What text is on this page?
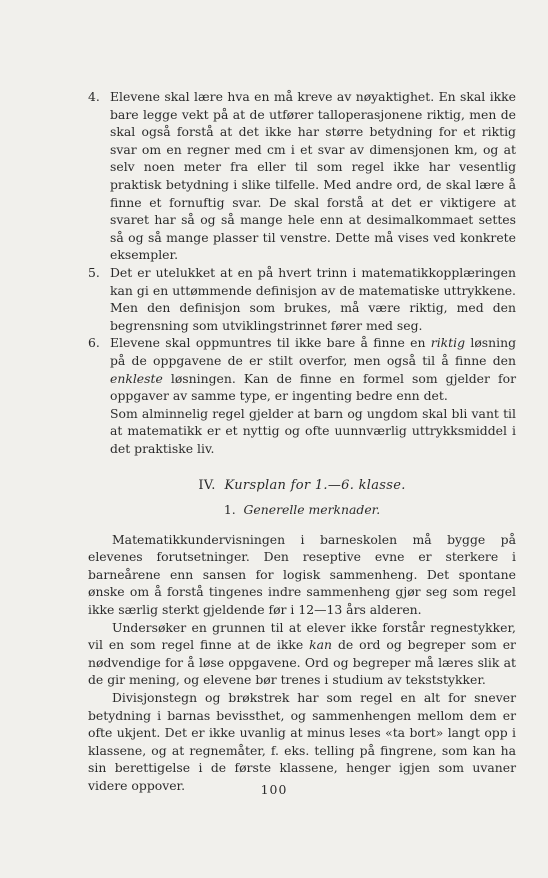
4. Elevene skal lære hva en må kreve av nøyaktighet. En skal ikke bare legge vekt på at de utfører talloperasjonene riktig, men de skal også forstå at det ikke har større betydning for et riktig svar om en regner med cm i et svar av dimensjonen km, og at selv noen meter fra eller til som regel ikke har vesentlig praktisk betydning i slike tilfelle. Med andre ord, de skal lære å finne et fornuftig svar. De skal forstå at det er viktigere at svaret har så og så mange hele enn at desimalkommaet settes så og så mange plasser til venstre. Dette må vises ved konkrete eksempler.

5. Det er utelukket at en på hvert trinn i matematikkopplæringen kan gi en uttømmende definisjon av de matematiske uttrykkene. Men den definisjon som brukes, må være riktig, med den begrensning som utviklingstrinnet fører med seg.

6. Elevene skal oppmuntres til ikke bare å finne en riktig løsning på de oppgavene de er stilt overfor, men også til å finne den enkleste løsningen. Kan de finne en formel som gjelder for oppgaver av samme type, er ingenting bedre enn det.

Som alminnelig regel gjelder at barn og ungdom skal bli vant til at matematikk er et nyttig og ofte uunnværlig uttrykksmiddel i det praktiske liv.

IV. Kursplan for 1.—6. klasse.
1. Generelle merknader.

Matematikkundervisningen i barneskolen må bygge på elevenes forutsetninger. Den reseptive evne er sterkere i barneårene enn sansen for logisk sammenheng. Det spontane ønske om å forstå tingenes indre sammenheng gjør seg som regel ikke særlig sterkt gjeldende før i 12—13 års alderen.

Undersøker en grunnen til at elever ikke forstår regnestykker, vil en som regel finne at de ikke kan de ord og begreper som er nødvendige for å løse oppgavene. Ord og begreper må læres slik at de gir mening, og elevene bør trenes i studium av tekststykker.

Divisjonstegn og brøkstrek har som regel en alt for snever betydning i barnas bevissthet, og sammenhengen mellom dem er ofte ukjent. Det er ikke uvanlig at minus leses «ta bort» langt opp i klassene, og at regnemåter, f. eks. telling på fingrene, som kan ha sin berettigelse i de første klassene, henger igjen som uvaner videre oppover.	100
